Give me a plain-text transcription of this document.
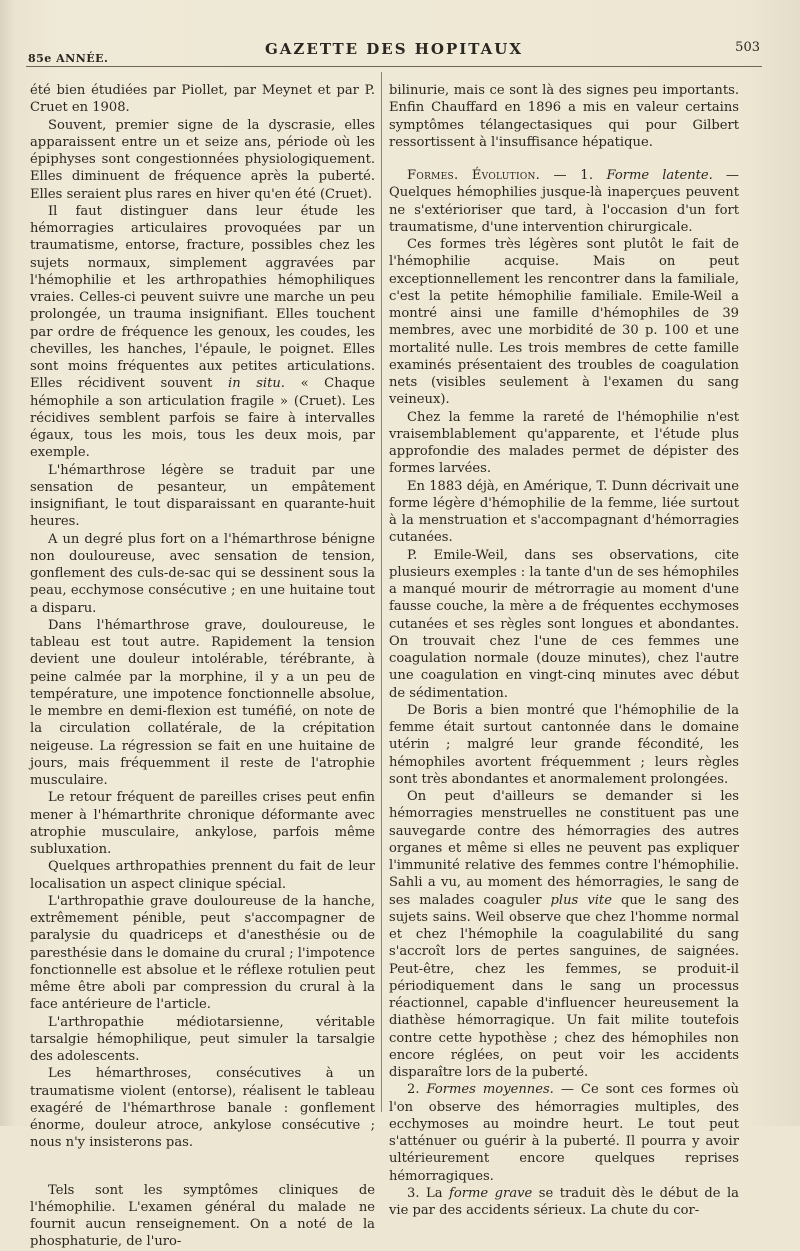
85e ANNÉE.
GAZETTE DES HOPITAUX	503

été bien étudiées par Piollet, par Meynet et par P. Cruet en 1908.

Souvent, premier signe de la dyscrasie, elles apparaissent entre un et seize ans, période où les épiphyses sont congestionnées physiologiquement. Elles diminuent de fréquence après la puberté. Elles seraient plus rares en hiver qu'en été (Cruet).

Il faut distinguer dans leur étude les hémorragies articulaires provoquées par un traumatisme, entorse, fracture, possibles chez les sujets normaux, simplement aggravées par l'hémophilie et les arthropathies hémophiliques vraies. Celles-ci peuvent suivre une marche un peu prolongée, un trauma insignifiant. Elles touchent par ordre de fréquence les genoux, les coudes, les chevilles, les hanches, l'épaule, le poignet. Elles sont moins fréquentes aux petites articulations. Elles récidivent souvent in situ. « Chaque hémophile a son articulation fragile » (Cruet). Les récidives semblent parfois se faire à intervalles égaux, tous les mois, tous les deux mois, par exemple.

L'hémarthrose légère se traduit par une sensation de pesanteur, un empâtement insignifiant, le tout disparaissant en quarante-huit heures.

A un degré plus fort on a l'hémarthrose bénigne non douloureuse, avec sensation de tension, gonflement des culs-de-sac qui se dessinent sous la peau, ecchymose consécutive ; en une huitaine tout a disparu.

Dans l'hémarthrose grave, douloureuse, le tableau est tout autre. Rapidement la tension devient une douleur intolérable, térébrante, à peine calmée par la morphine, il y a un peu de température, une impotence fonctionnelle absolue, le membre en demi-flexion est tuméfié, on note de la circulation collatérale, de la crépitation neigeuse. La régression se fait en une huitaine de jours, mais fréquemment il reste de l'atrophie musculaire.

Le retour fréquent de pareilles crises peut enfin mener à l'hémarthrite chronique déformante avec atrophie musculaire, ankylose, parfois même subluxation.

Quelques arthropathies prennent du fait de leur localisation un aspect clinique spécial.

L'arthropathie grave douloureuse de la hanche, extrêmement pénible, peut s'accompagner de paralysie du quadriceps et d'anesthésie ou de paresthésie dans le domaine du crural ; l'impotence fonctionnelle est absolue et le réflexe rotulien peut même être aboli par compression du crural à la face antérieure de l'article.

L'arthropathie médiotarsienne, véritable tarsalgie hémophilique, peut simuler la tarsalgie des adolescents.

Les hémarthroses, consécutives à un traumatisme violent (entorse), réalisent le tableau exagéré de l'hémarthrose banale : gonflement énorme, douleur atroce, ankylose consécutive ; nous n'y insisterons pas.

Tels sont les symptômes cliniques de l'hémophilie. L'examen général du malade ne fournit aucun renseignement. On a noté de la phosphaturie, de l'uro-

bilinurie, mais ce sont là des signes peu importants. Enfin Chauffard en 1896 a mis en valeur certains symptômes télangectasiques qui pour Gilbert ressortissent à l'insuffisance hépatique.

Formes. Évolution. — 1. Forme latente. — Quelques hémophilies jusque-là inaperçues peuvent ne s'extérioriser que tard, à l'occasion d'un fort traumatisme, d'une intervention chirurgicale.

Ces formes très légères sont plutôt le fait de l'hémophilie acquise. Mais on peut exceptionnellement les rencontrer dans la familiale, c'est la petite hémophilie familiale. Emile-Weil a montré ainsi une famille d'hémophiles de 39 membres, avec une morbidité de 30 p. 100 et une mortalité nulle. Les trois membres de cette famille examinés présentaient des troubles de coagulation nets (visibles seulement à l'examen du sang veineux).

Chez la femme la rareté de l'hémophilie n'est vraisemblablement qu'apparente, et l'étude plus approfondie des malades permet de dépister des formes larvées.

En 1883 déjà, en Amérique, T. Dunn décrivait une forme légère d'hémophilie de la femme, liée surtout à la menstruation et s'accompagnant d'hémorragies cutanées.

P. Emile-Weil, dans ses observations, cite plusieurs exemples : la tante d'un de ses hémophiles a manqué mourir de métrorragie au moment d'une fausse couche, la mère a de fréquentes ecchymoses cutanées et ses règles sont longues et abondantes. On trouvait chez l'une de ces femmes une coagulation normale (douze minutes), chez l'autre une coagulation en vingt-cinq minutes avec début de sédimentation.

De Boris a bien montré que l'hémophilie de la femme était surtout cantonnée dans le domaine utérin ; malgré leur grande fécondité, les hémophiles avortent fréquemment ; leurs règles sont très abondantes et anormalement prolongées.

On peut d'ailleurs se demander si les hémorragies menstruelles ne constituent pas une sauvegarde contre des hémorragies des autres organes et même si elles ne peuvent pas expliquer l'immunité relative des femmes contre l'hémophilie. Sahli a vu, au moment des hémorragies, le sang de ses malades coaguler plus vite que le sang des sujets sains. Weil observe que chez l'homme normal et chez l'hémophile la coagulabilité du sang s'accroît lors de pertes sanguines, de saignées. Peut-être, chez les femmes, se produit-il périodiquement dans le sang un processus réactionnel, capable d'influencer heureusement la diathèse hémorragique. Un fait milite toutefois contre cette hypothèse ; chez des hémophiles non encore réglées, on peut voir les accidents disparaître lors de la puberté.

2. Formes moyennes. — Ce sont ces formes où l'on observe des hémorragies multiples, des ecchymoses au moindre heurt. Le tout peut s'atténuer ou guérir à la puberté. Il pourra y avoir ultérieurement encore quelques reprises hémorragiques.

3. La forme grave se traduit dès le début de la vie par des accidents sérieux. La chute du cor-
